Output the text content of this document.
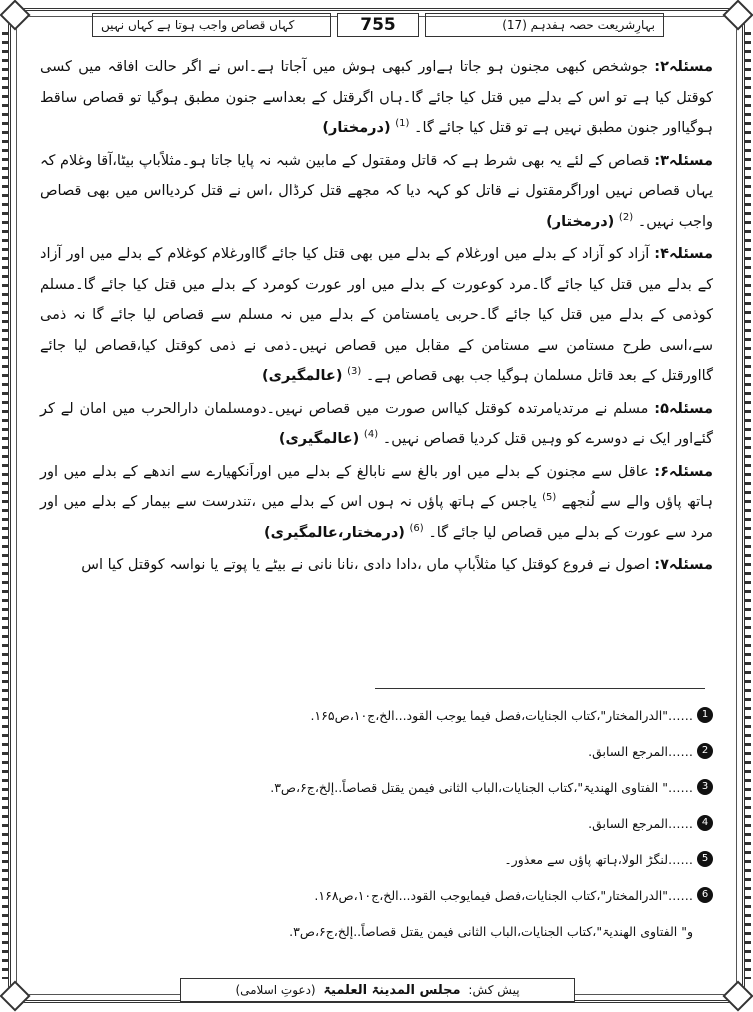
بہارِشریعت حصہ ہفدہم (17)
755
کہاں قصاص واجب ہوتا ہے کہاں نہیں

مسئلہ۲: جوشخص کبھی مجنون ہو جاتا ہےاور کبھی ہوش میں آجاتا ہے۔اس نے اگر حالت افاقہ میں کسی کوقتل کیا ہے تو اس کے بدلے میں قتل کیا جائے گا۔ہاں اگرقتل کے بعداسے جنون مطبق ہوگیا تو قصاص ساقط ہوگیااور جنون مطبق نہیں ہے تو قتل کیا جائے گا۔ $^{(1)}$ (درمختار)

مسئلہ۳: قصاص کے لئے یہ بھی شرط ہے کہ قاتل ومقتول کے مابین شبہ نہ پایا جاتا ہو۔مثلاًباپ بیٹا،آقا وغلام کہ یہاں قصاص نہیں اوراگرمقتول نے قاتل کو کہہ دیا کہ مجھے قتل کرڈال ،اس نے قتل کردیااس میں بھی قصاص واجب نہیں۔ $^{(2)}$ (درمختار)

مسئلہ۴: آزاد کو آزاد کے بدلے میں اورغلام کے بدلے میں بھی قتل کیا جائے گااورغلام کوغلام کے بدلے میں اور آزاد کے بدلے میں قتل کیا جائے گا۔مرد کوعورت کے بدلے میں اور عورت کومرد کے بدلے میں قتل کیا جائے گا۔مسلم کوذمی کے بدلے میں قتل کیا جائے گا۔حربی یامستامن کے بدلے میں نہ مسلم سے قصاص لیا جائے گا نہ ذمی سے،اسی طرح مستامن سے مستامن کے مقابل میں قصاص نہیں۔ذمی نے ذمی کوقتل کیا،قصاص لیا جائے گااورقتل کے بعد قاتل مسلمان ہوگیا جب بھی قصاص ہے۔ $^{(3)}$ (عالمگیری)

مسئلہ۵: مسلم نے مرتدیامرتدہ کوقتل کیااس صورت میں قصاص نہیں۔دومسلمان دارالحرب میں امان لے کر گئےاور ایک نے دوسرے کو وہیں قتل کردیا قصاص نہیں۔ $^{(4)}$ (عالمگیری)

مسئلہ۶: عاقل سے مجنون کے بدلے میں اور بالغ سے نابالغ کے بدلے میں اوراَنکھیارے سے اندھے کے بدلے میں اور ہاتھ پاؤں والے سے لُنجھے $^{(5)}$ یاجس کے ہاتھ پاؤں نہ ہوں اس کے بدلے میں ،تندرست سے بیمار کے بدلے میں اور مرد سے عورت کے بدلے میں قصاص لیا جائے گا۔ $^{(6)}$ (درمختار،عالمگیری)

مسئلہ۷: اصول نے فروع کوقتل کیا مثلاًباپ ماں ،دادا دادی ،نانا نانی نے بیٹے یا پوتے یا نواسہ کوقتل کیا اس

1
……"الدرالمختار"،کتاب الجنایات،فصل فیما یوجب القود...الخ،ج۱۰،ص۱۶۵.
2
……المرجع السابق.
3
……" الفتاوی الھندیۃ"،کتاب الجنایات،الباب الثانی فیمن یقتل قصاصاً..إلخ،ج۶،ص۳.
4
……المرجع السابق.
5
……لنگڑ الولا،ہاتھ پاؤں سے معذور۔
6
……"الدرالمختار"،کتاب الجنایات،فصل فیمایوجب القود...الخ،ج۱۰،ص۱۶۸.
و" الفتاوی الھندیۃ"،کتاب الجنایات،الباب الثانی فیمن یقتل قصاصاً..إلخ،ج۶،ص۳.
پیش کش: مجلس المدینۃ العلمیۃ (دعوتِ اسلامی)
